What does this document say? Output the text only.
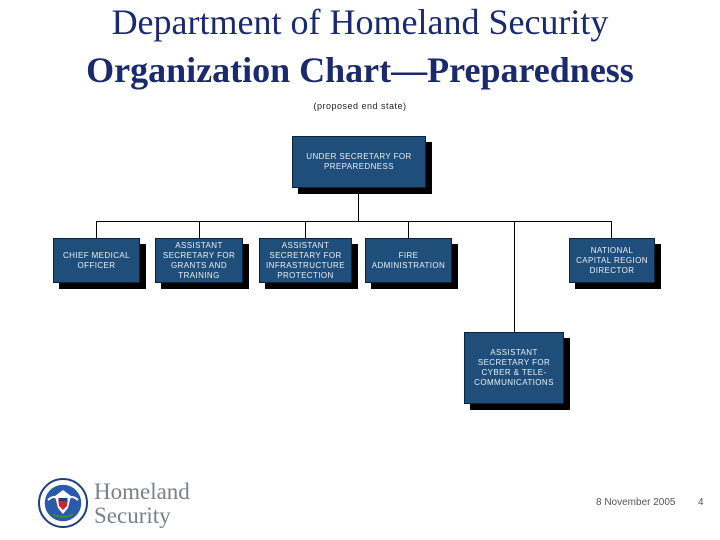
Department of Homeland Security
Organization Chart—Preparedness
(proposed end state)
UNDER SECRETARY FOR PREPAREDNESS
CHIEF MEDICAL OFFICER
ASSISTANT SECRETARY FOR GRANTS AND TRAINING
ASSISTANT SECRETARY FOR INFRASTRUCTURE PROTECTION
FIRE ADMINISTRATION
NATIONAL CAPITAL REGION DIRECTOR
ASSISTANT SECRETARY FOR CYBER & TELE-COMMUNICATIONS
Homeland
Security
8 November 2005 4
